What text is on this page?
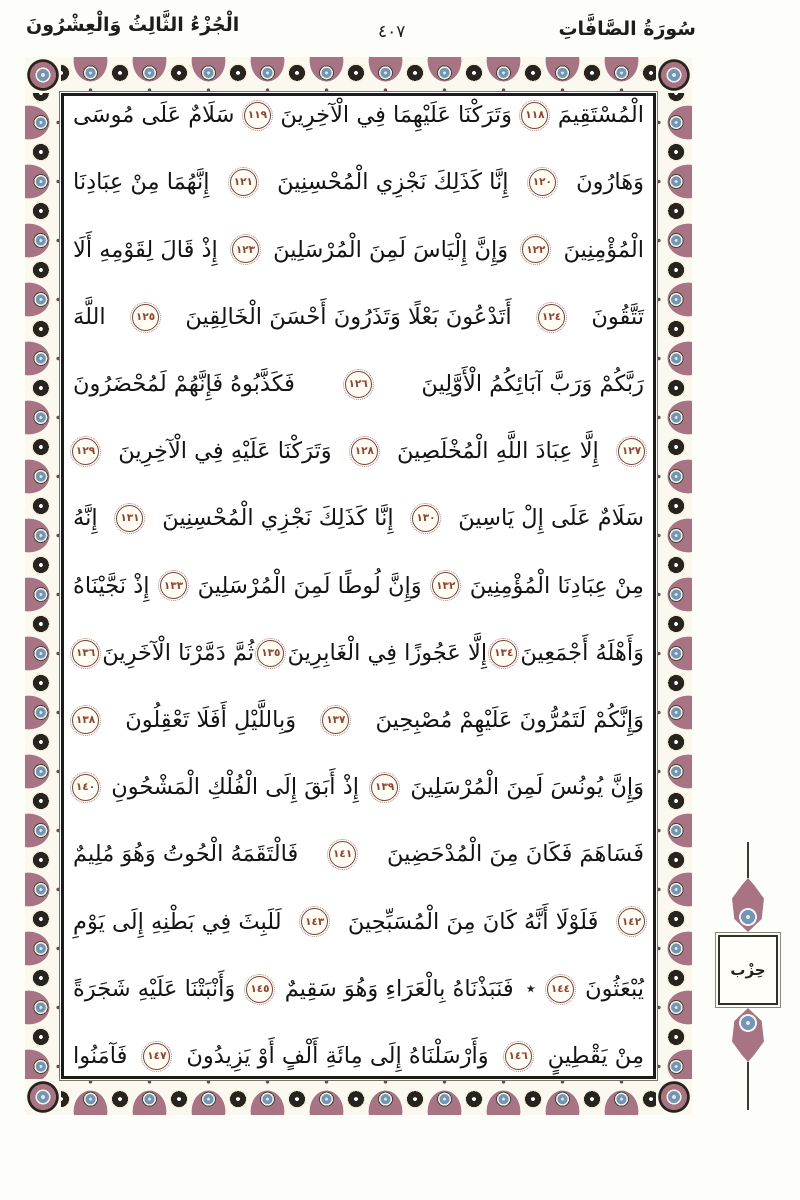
سُورَةُ الصَّافَّاتِ
٤٠٧
الْجُزْءُ الثَّالِثُ وَالْعِشْرُونَ
الْمُسْتَقِيمَ
١١٨
وَتَرَكْنَا عَلَيْهِمَا فِي الْآخِرِينَ
١١٩
سَلَامٌ عَلَى مُوسَى
وَهَارُونَ
١٢٠
إِنَّا كَذَلِكَ نَجْزِي الْمُحْسِنِينَ
١٢١
إِنَّهُمَا مِنْ عِبَادِنَا
الْمُؤْمِنِينَ
١٢٢
وَإِنَّ إِلْيَاسَ لَمِنَ الْمُرْسَلِينَ
١٢٣
إِذْ قَالَ لِقَوْمِهِ أَلَا
تَتَّقُونَ
١٢٤
أَتَدْعُونَ بَعْلًا وَتَذَرُونَ أَحْسَنَ الْخَالِقِينَ
١٢٥
اللَّهَ
رَبَّكُمْ وَرَبَّ آبَائِكُمُ الْأَوَّلِينَ
١٢٦
فَكَذَّبُوهُ فَإِنَّهُمْ لَمُحْضَرُونَ
١٢٧
إِلَّا عِبَادَ اللَّهِ الْمُخْلَصِينَ
١٢٨
وَتَرَكْنَا عَلَيْهِ فِي الْآخِرِينَ
١٢٩
سَلَامٌ عَلَى إِلْ يَاسِينَ
١٣٠
إِنَّا كَذَلِكَ نَجْزِي الْمُحْسِنِينَ
١٣١
إِنَّهُ
مِنْ عِبَادِنَا الْمُؤْمِنِينَ
١٣٢
وَإِنَّ لُوطًا لَمِنَ الْمُرْسَلِينَ
١٣٣
إِذْ نَجَّيْنَاهُ
وَأَهْلَهُ أَجْمَعِينَ
١٣٤
إِلَّا عَجُوزًا فِي الْغَابِرِينَ
١٣٥
ثُمَّ دَمَّرْنَا الْآخَرِينَ
١٣٦
وَإِنَّكُمْ لَتَمُرُّونَ عَلَيْهِمْ مُصْبِحِينَ
١٣٧
وَبِاللَّيْلِ أَفَلَا تَعْقِلُونَ
١٣٨
وَإِنَّ يُونُسَ لَمِنَ الْمُرْسَلِينَ
١٣٩
إِذْ أَبَقَ إِلَى الْفُلْكِ الْمَشْحُونِ
١٤٠
فَسَاهَمَ فَكَانَ مِنَ الْمُدْحَضِينَ
١٤١
فَالْتَقَمَهُ الْحُوتُ وَهُوَ مُلِيمٌ
١٤٢
فَلَوْلَا أَنَّهُ كَانَ مِنَ الْمُسَبِّحِينَ
١٤٣
لَلَبِثَ فِي بَطْنِهِ إِلَى يَوْمِ
يُبْعَثُونَ
١٤٤
٭
فَنَبَذْنَاهُ بِالْعَرَاءِ وَهُوَ سَقِيمٌ
١٤٥
وَأَنْبَتْنَا عَلَيْهِ شَجَرَةً
مِنْ يَقْطِينٍ
١٤٦
وَأَرْسَلْنَاهُ إِلَى مِائَةِ أَلْفٍ أَوْ يَزِيدُونَ
١٤٧
فَآمَنُوا
حِزْب
